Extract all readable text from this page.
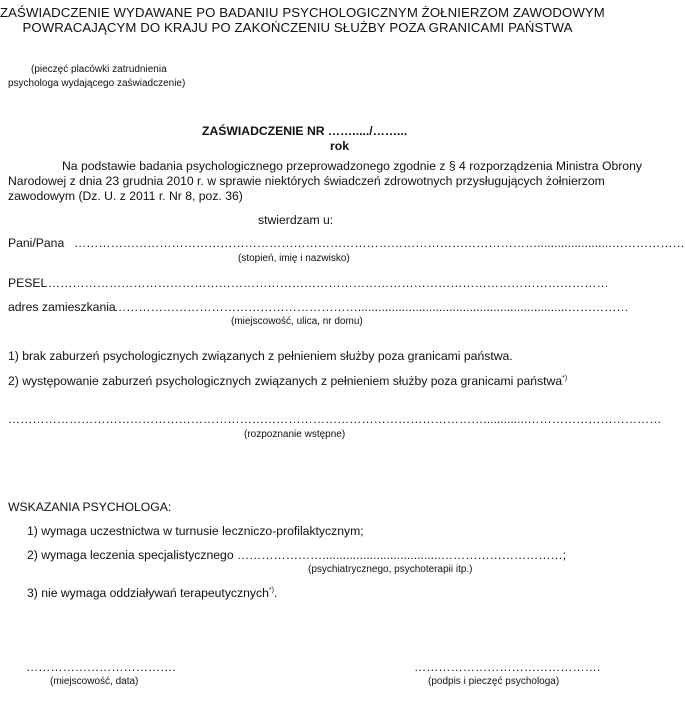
ZAŚWIADCZENIE WYDAWANE PO BADANIU PSYCHOLOGICZNYM ŻOŁNIERZOM ZAWODOWYM
POWRACAJĄCYM DO KRAJU PO ZAKOŃCZENIU SŁUŻBY POZA GRANICAMI PAŃSTWA
(pieczęć placówki zatrudnienia
psychologa wydającego zaświadczenie)
ZAŚWIADCZENIE NR ……...../……...
rok
Na podstawie badania psychologicznego przeprowadzonego zgodnie z § 4 rozporządzenia Ministra Obrony
Narodowej z dnia 23 grudnia 2010 r. w sprawie niektórych świadczeń zdrowotnych przysługujących żołnierzom
zawodowym (Dz. U. z 2011 r. Nr 8, poz. 36)
stwierdzam u:
Pani/Pana ……………………………………………………………………………………………………......................………………
(stopień, imię i nazwisko)
PESEL …………………………………………………………………………………………………………………………
adres zamieszkania
……………………………………………………..............................................................……………
(miejscowość, ulica, nr domu)
1) brak zaburzeń psychologicznych związanych z pełnieniem służby poza granicami państwa.
2) występowanie zaburzeń psychologicznych związanych z pełnieniem służby poza granicami państwa*)
……………………………………………………………………………………………………….............……………………………
(rozpoznanie wstępne)
WSKAZANIA PSYCHOLOGA:
1) wymaga uczestnictwa w turnusie leczniczo-profilaktycznym;
2) wymaga leczenia specjalistycznego …………………...................................…………………………;
(psychiatrycznego, psychoterapii itp.)
3) nie wymaga oddziaływań terapeutycznych*).
……………………………….
(miejscowość, data)
……………………………………….
(podpis i pieczęć psychologa)
